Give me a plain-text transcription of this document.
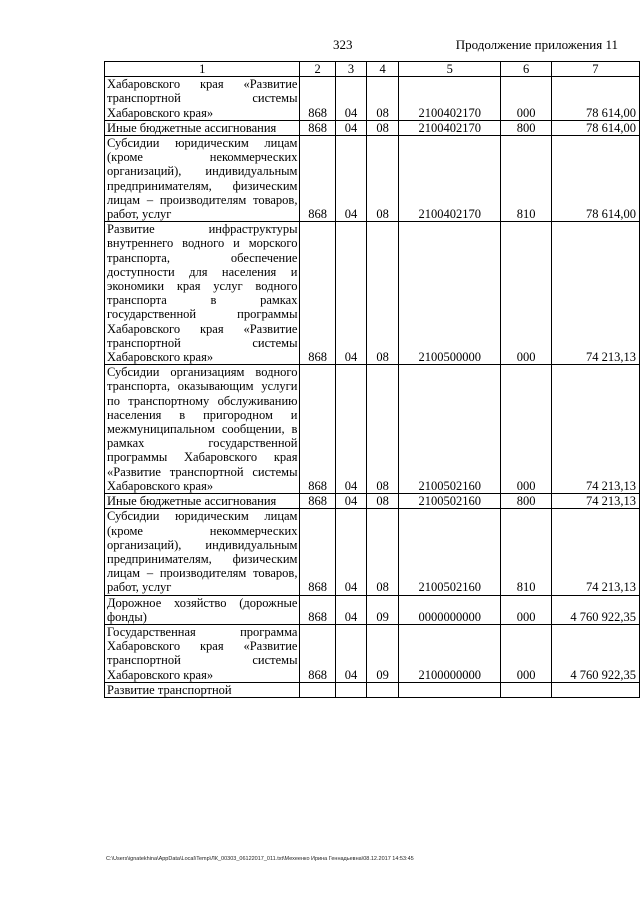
323	Продолжение приложения 11
1	2	3	4	5	6	7
Хабаровского края «Развитие транспортной системы Хабаровского края»	868	04	08	2100402170	000	78 614,00
Иные бюджетные ассигнования	868	04	08	2100402170	800	78 614,00
Субсидии юридическим лицам (кроме некоммерческих организаций), индивидуальным предпринимателям, физическим лицам – производителям товаров, работ, услуг	868	04	08	2100402170	810	78 614,00
Развитие инфраструктуры внутреннего водного и морского транспорта, обеспечение доступности для населения и экономики края услуг водного транспорта в рамках государственной программы Хабаровского края «Развитие транспортной системы Хабаровского края»	868	04	08	2100500000	000	74 213,13
Субсидии организациям водного транспорта, оказывающим услуги по транспортному обслуживанию населения в пригородном и межмуниципальном сообщении, в рамках государственной программы Хабаровского края «Развитие транспортной системы Хабаровского края»	868	04	08	2100502160	000	74 213,13
Иные бюджетные ассигнования	868	04	08	2100502160	800	74 213,13
Субсидии юридическим лицам (кроме некоммерческих организаций), индивидуальным предпринимателям, физическим лицам – производителям товаров, работ, услуг	868	04	08	2100502160	810	74 213,13
Дорожное хозяйство (дорожные фонды)	868	04	09	0000000000	000	4 760 922,35
Государственная программа Хабаровского края «Развитие транспортной системы Хабаровского края»	868	04	09	2100000000	000	4 760 922,35
Развитие транспортной						
C:\Users\ignatekhina\AppData\Local\Temp\ЛК_00303_06122017_011.txt\Мехеенко Ирина Геннадьевна\08.12.2017 14:53:45
